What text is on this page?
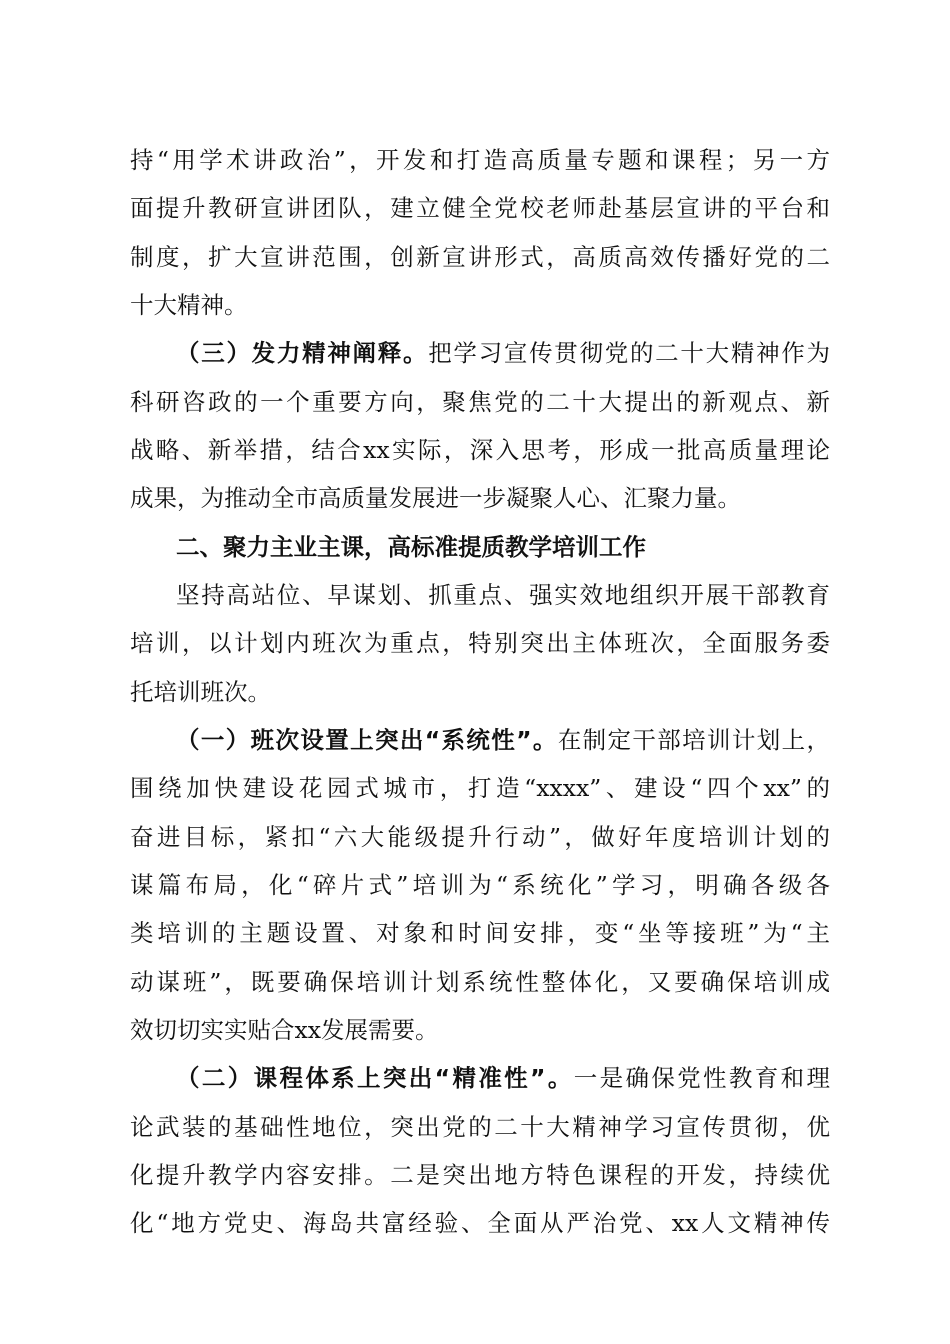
持“用学术讲政治”，开发和打造高质量专题和课程；另一方
面提升教研宣讲团队，建立健全党校老师赴基层宣讲的平台和
制度，扩大宣讲范围，创新宣讲形式，高质高效传播好党的二
十大精神。
（三）发力精神阐释。把学习宣传贯彻党的二十大精神作为
科研咨政的一个重要方向，聚焦党的二十大提出的新观点、新
战略、新举措，结合xx实际，深入思考，形成一批高质量理论
成果，为推动全市高质量发展进一步凝聚人心、汇聚力量。
二、聚力主业主课，高标准提质教学培训工作
坚持高站位、早谋划、抓重点、强实效地组织开展干部教育
培训，以计划内班次为重点，特别突出主体班次，全面服务委
托培训班次。
（一）班次设置上突出“系统性”。在制定干部培训计划上，
围绕加快建设花园式城市，打造“xxxx”、建设“四个xx”的
奋进目标，紧扣“六大能级提升行动”，做好年度培训计划的
谋篇布局，化“碎片式”培训为“系统化”学习，明确各级各
类培训的主题设置、对象和时间安排，变“坐等接班”为“主
动谋班”，既要确保培训计划系统性整体化，又要确保培训成
效切切实实贴合xx发展需要。
（二）课程体系上突出“精准性”。一是确保党性教育和理
论武装的基础性地位，突出党的二十大精神学习宣传贯彻，优
化提升教学内容安排。二是突出地方特色课程的开发，持续优
化“地方党史、海岛共富经验、全面从严治党、xx人文精神传
